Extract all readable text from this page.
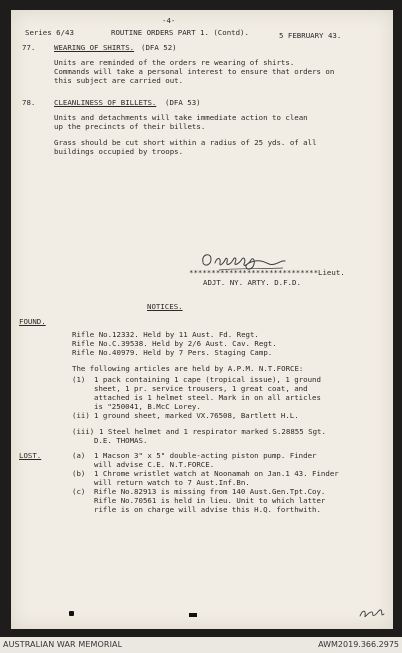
-4-
Series 6/43	ROUTINE ORDERS PART 1. (Contd).	5 FEBRUARY 43.
77.	WEARING OF SHIRTS. (DFA 52)
Units are reminded of the orders re wearing of shirts.
Commands will take a personal interest to ensure that orders on
this subject are carried out.
78.	CLEANLINESS OF BILLETS. (DFA 53)
Units and detachments will take immediate action to clean
up the precincts of their billets.
Grass should be cut short within a radius of 25 yds. of all
buildings occupied by troops.
*****************************Lieut.
ADJT. NY. ARTY. D.F.D.
NOTICES.
FOUND.
Rifle No.12332. Held by 11 Aust. Fd. Regt.
Rifle No.C.39538. Held by 2/6 Aust. Cav. Regt.
Rifle No.40979. Held by 7 Pers. Staging Camp.
The following articles are held by A.P.M. N.T.FORCE:
(1) 1 pack containing 1 cape (tropical issue), 1 ground
sheet, 1 pr. service trousers, 1 great coat, and
attached is 1 helmet steel. Mark in on all articles
is "250041, B.McC Lorey.
(ii) 1 ground sheet, marked VX.76508, Bartlett H.L.
(iii) 1 Steel helmet and 1 respirator marked S.28855 Sgt.
D.E. THOMAS.
LOST.	(a) 1 Macson 3" x 5" double-acting piston pump. Finder
will advise C.E. N.T.FORCE.
(b) 1 Chrome wristlet watch at Noonamah on Jan.1 43. Finder
will return watch to 7 Aust.Inf.Bn.
(c) Rifle No.82913 is missing from 140 Aust.Gen.Tpt.Coy.
Rifle No.70561 is held in lieu. Unit to which latter
rifle is on charge will advise this H.Q. forthwith.
AUSTRALIAN WAR MEMORIAL	AWM2019.366.2975
